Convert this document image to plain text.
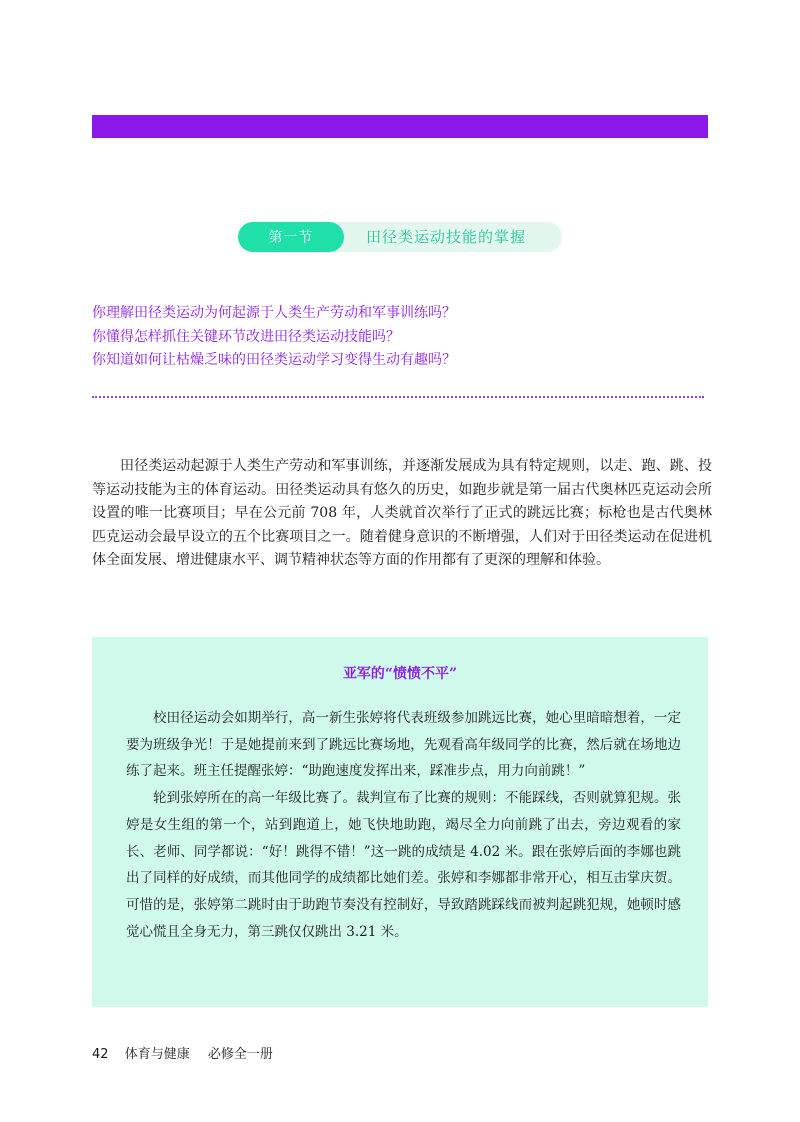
第一节	田径类运动技能的掌握
你理解田径类运动为何起源于人类生产劳动和军事训练吗？
你懂得怎样抓住关键环节改进田径类运动技能吗？
你知道如何让枯燥乏味的田径类运动学习变得生动有趣吗？

田径类运动起源于人类生产劳动和军事训练，并逐渐发展成为具有特定规则，以走、跑、跳、投等运动技能为主的体育运动。田径类运动具有悠久的历史，如跑步就是第一届古代奥林匹克运动会所设置的唯一比赛项目；早在公元前 708 年，人类就首次举行了正式的跳远比赛；标枪也是古代奥林匹克运动会最早设立的五个比赛项目之一。随着健身意识的不断增强，人们对于田径类运动在促进机体全面发展、增进健康水平、调节精神状态等方面的作用都有了更深的理解和体验。

亚军的“愤愤不平”

校田径运动会如期举行，高一新生张婷将代表班级参加跳远比赛，她心里暗暗想着，一定要为班级争光！于是她提前来到了跳远比赛场地，先观看高年级同学的比赛，然后就在场地边练了起来。班主任提醒张婷：“助跑速度发挥出来，踩准步点，用力向前跳！”

轮到张婷所在的高一年级比赛了。裁判宣布了比赛的规则：不能踩线，否则就算犯规。张婷是女生组的第一个，站到跑道上，她飞快地助跑，竭尽全力向前跳了出去，旁边观看的家长、老师、同学都说：“好！跳得不错！”这一跳的成绩是 4.02 米。跟在张婷后面的李娜也跳出了同样的好成绩，而其他同学的成绩都比她们差。张婷和李娜都非常开心，相互击掌庆贺。可惜的是，张婷第二跳时由于助跑节奏没有控制好，导致踏跳踩线而被判起跳犯规，她顿时感觉心慌且全身无力，第三跳仅仅跳出 3.21 米。

42 体育与健康 必修全一册
